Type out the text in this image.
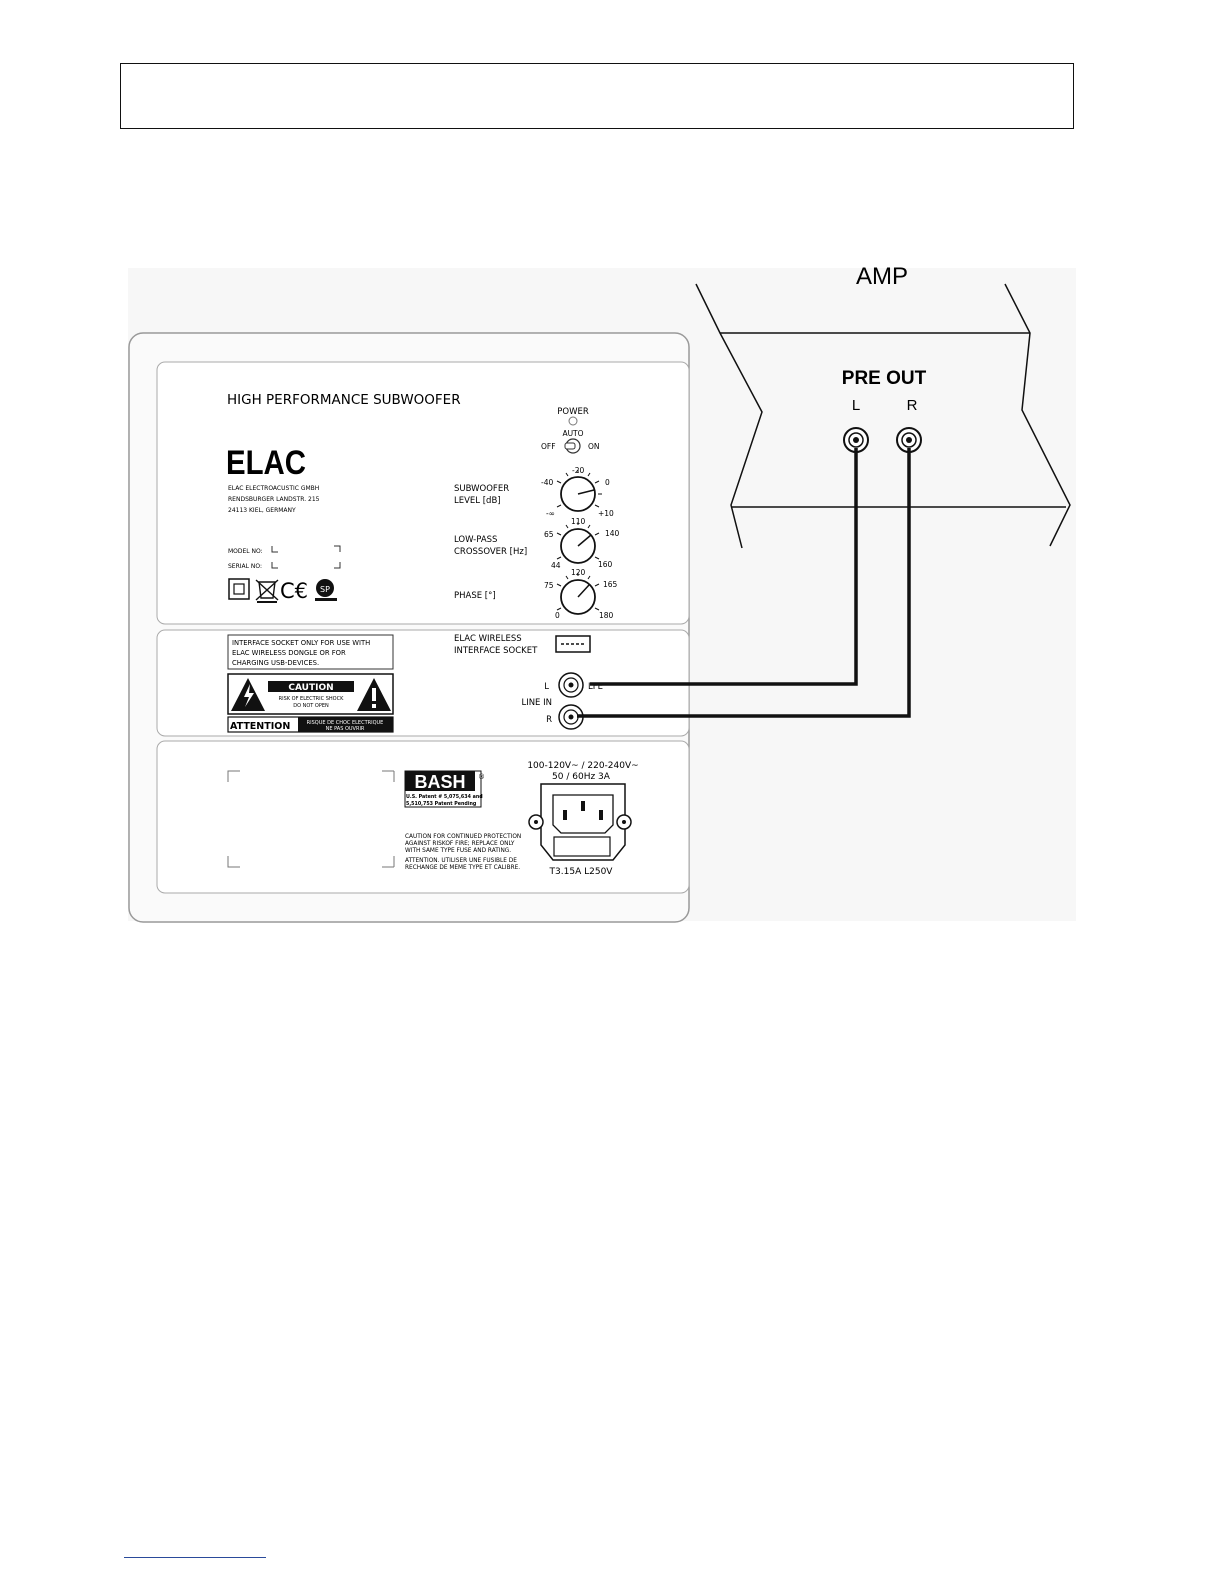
AMP
PRE OUT
L	R
HIGH PERFORMANCE SUBWOOFER
ELAC
ELAC ELECTROACUSTIC GMBH
RENDSBURGER LANDSTR. 215
24113 KIEL, GERMANY
MODEL NO:
SERIAL NO:
C€ SP
POWER
AUTO
OFF	ON
SUBWOOFER
LEVEL [dB]
-40
-20
0
-∞	+10
LOW-PASS
CROSSOVER [Hz]
65
110
140
44	160
PHASE [°]
75
120
165
0	180
INTERFACE SOCKET ONLY FOR USE WITH
ELAC WIRELESS DONGLE OR FOR
CHARGING USB-DEVICES.
ELAC WIRELESS
INTERFACE SOCKET
CAUTION
RISK OF ELECTRIC SHOCK
DO NOT OPEN
ATTENTION	RISQUE DE CHOC ELECTRIQUE
NE PAS OUVRIR
L	LFE
LINE IN
R
BASH ®
U.S. Patent # 5,075,634 and
5,510,753 Patent Pending
CAUTION FOR CONTINUED PROTECTION
AGAINST RISKOF FIRE; REPLACE ONLY
WITH SAME TYPE FUSE AND RATING.
ATTENTION. UTILISER UNE FUSIBLE DE
RECHANGE DE MEME TYPE ET CALIBRE.
100-120V~ / 220-240V~
50 / 60Hz 3A
T3.15A L250V
